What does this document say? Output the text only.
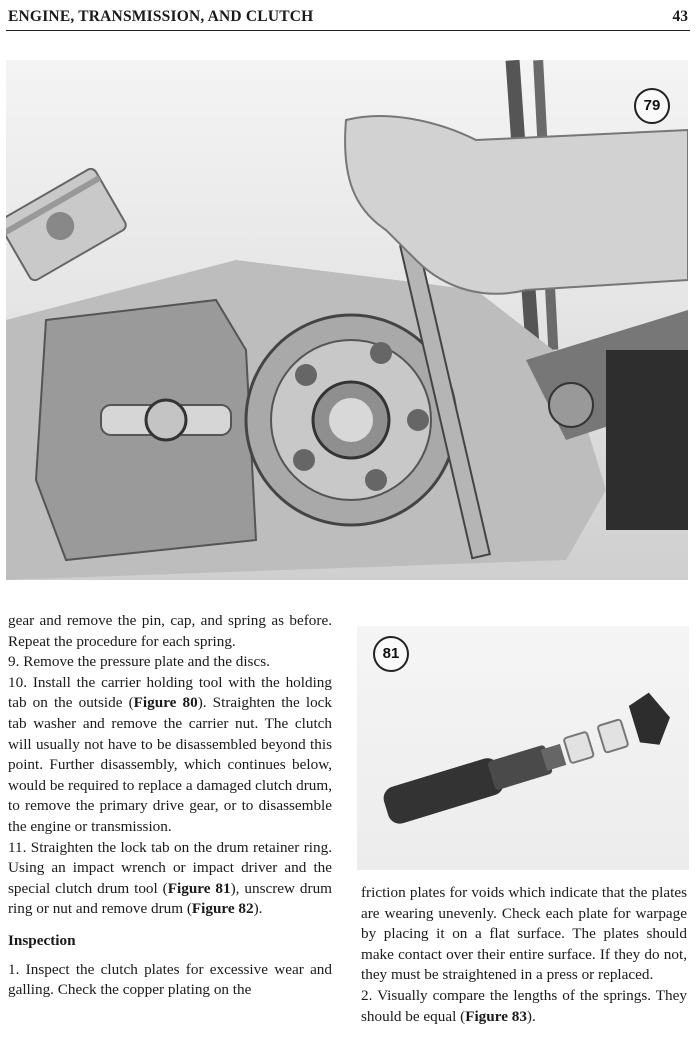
ENGINE, TRANSMISSION, AND CLUTCH	43
79
81

gear and remove the pin, cap, and spring as before. Repeat the procedure for each spring.

9. Remove the pressure plate and the discs.

10. Install the carrier holding tool with the holding tab on the outside (Figure 80). Straighten the lock tab washer and remove the carrier nut. The clutch will usually not have to be disassembled beyond this point. Further disassembly, which continues below, would be required to replace a damaged clutch drum, to remove the primary drive gear, or to disassemble the engine or transmission.

11. Straighten the lock tab on the drum retainer ring. Using an impact wrench or impact driver and the special clutch drum tool (Figure 81), unscrew drum ring or nut and remove drum (Figure 82).

Inspection

1. Inspect the clutch plates for excessive wear and galling. Check the copper plating on the

friction plates for voids which indicate that the plates are wearing unevenly. Check each plate for warpage by placing it on a flat surface. The plates should make contact over their entire surface. If they do not, they must be straightened in a press or replaced.

2. Visually compare the lengths of the springs. They should be equal (Figure 83).
